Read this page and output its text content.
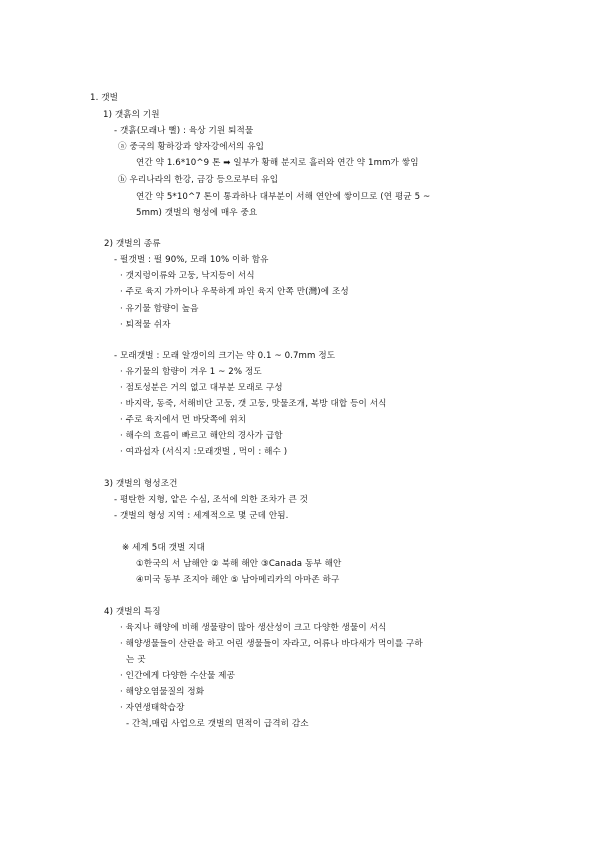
1. 갯벌
1) 갯흙의 기원
- 갯흙(모래나 뻘) : 육상 기원 퇴적물
ⓐ 중국의 황하강과 양자강에서의 유입
연간 약 1.6*10^9 톤 ➡ 일부가 황해 분지로 흘러와 연간 약 1mm가 쌓임
ⓑ 우리나라의 한강, 금강 등으로부터 유입
연간 약 5*10^7 톤이 통과하나 대부분이 서해 연안에 쌓이므로 (연 평균 5 ~
5mm) 갯벌의 형성에 매우 중요
2) 갯벌의 종류
- 펄갯벌 : 펄 90%, 모래 10% 이하 함유
· 갯지렁이류와 고둥, 낙지등이 서식
· 주로 육지 가까이나 우묵하게 파인 육지 안쪽 만(灣)에 조성
· 유기물 함량이 높음
· 퇴적물 쉬자
- 모래갯벌 : 모래 알갱이의 크기는 약 0.1 ~ 0.7mm 정도
· 유기물의 함량이 겨우 1 ~ 2% 정도
· 점토성분은 거의 없고 대부분 모래로 구성
· 바지락, 동죽, 서해비단 고둥, 갯 고둥, 맛물조개, 복방 대합 등이 서식
· 주로 육지에서 먼 바닷쪽에 위치
· 해수의 흐름이 빠르고 해안의 경사가 급함
· 여과섭자 (서식지 :모래갯벌 , 먹이 : 해수 )
3) 갯벌의 형성조건
- 평탄한 지형, 얕은 수심, 조석에 의한 조차가 큰 것
- 갯벌의 형성 지역 : 세계적으로 몇 군데 안됨.
※ 세계 5대 갯벌 지대
①한국의 서 남해안 ② 북해 해안 ③Canada 동부 해안
④미국 동부 조지아 해안 ⑤ 남아메리카의 아마존 하구
4) 갯벌의 특징
· 육지나 해양에 비해 생물량이 많아 생산성이 크고 다양한 생물이 서식
· 해양생물들이 산란을 하고 어린 생물들이 자라고, 어류나 바다새가 먹이를 구하
는 곳
· 인간에게 다양한 수산물 제공
· 해양오염물질의 정화
· 자연생태학습장
- 간척,매립 사업으로 갯벌의 면적이 급격히 감소
